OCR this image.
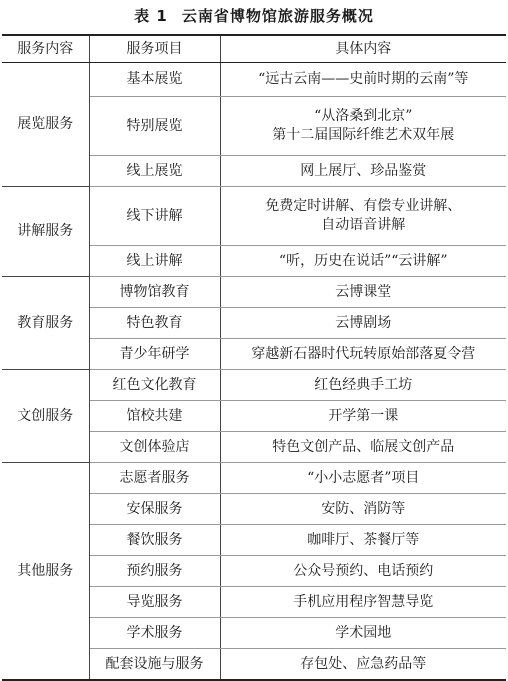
表 1 云南省博物馆旅游服务概况
服务内容	服务项目	具体内容
展览服务	基本展览	“远古云南——史前时期的云南”等
	特别展览	“从洛桑到北京”
第十二届国际纤维艺术双年展

	线上展览	网上展厅、珍品鉴赏
讲解服务	线下讲解	免费定时讲解、有偿专业讲解、
自动语音讲解

	线上讲解	“听，历史在说话”“云讲解”
教育服务	博物馆教育	云博课堂
	特色教育	云博剧场
	青少年研学	穿越新石器时代玩转原始部落夏令营
文创服务	红色文化教育	红色经典手工坊
	馆校共建	开学第一课
	文创体验店	特色文创产品、临展文创产品
其他服务	志愿者服务	“小小志愿者”项目
	安保服务	安防、消防等
	餐饮服务	咖啡厅、茶餐厅等
	预约服务	公众号预约、电话预约
	导览服务	手机应用程序智慧导览
	学术服务	学术园地
	配套设施与服务	存包处、应急药品等
